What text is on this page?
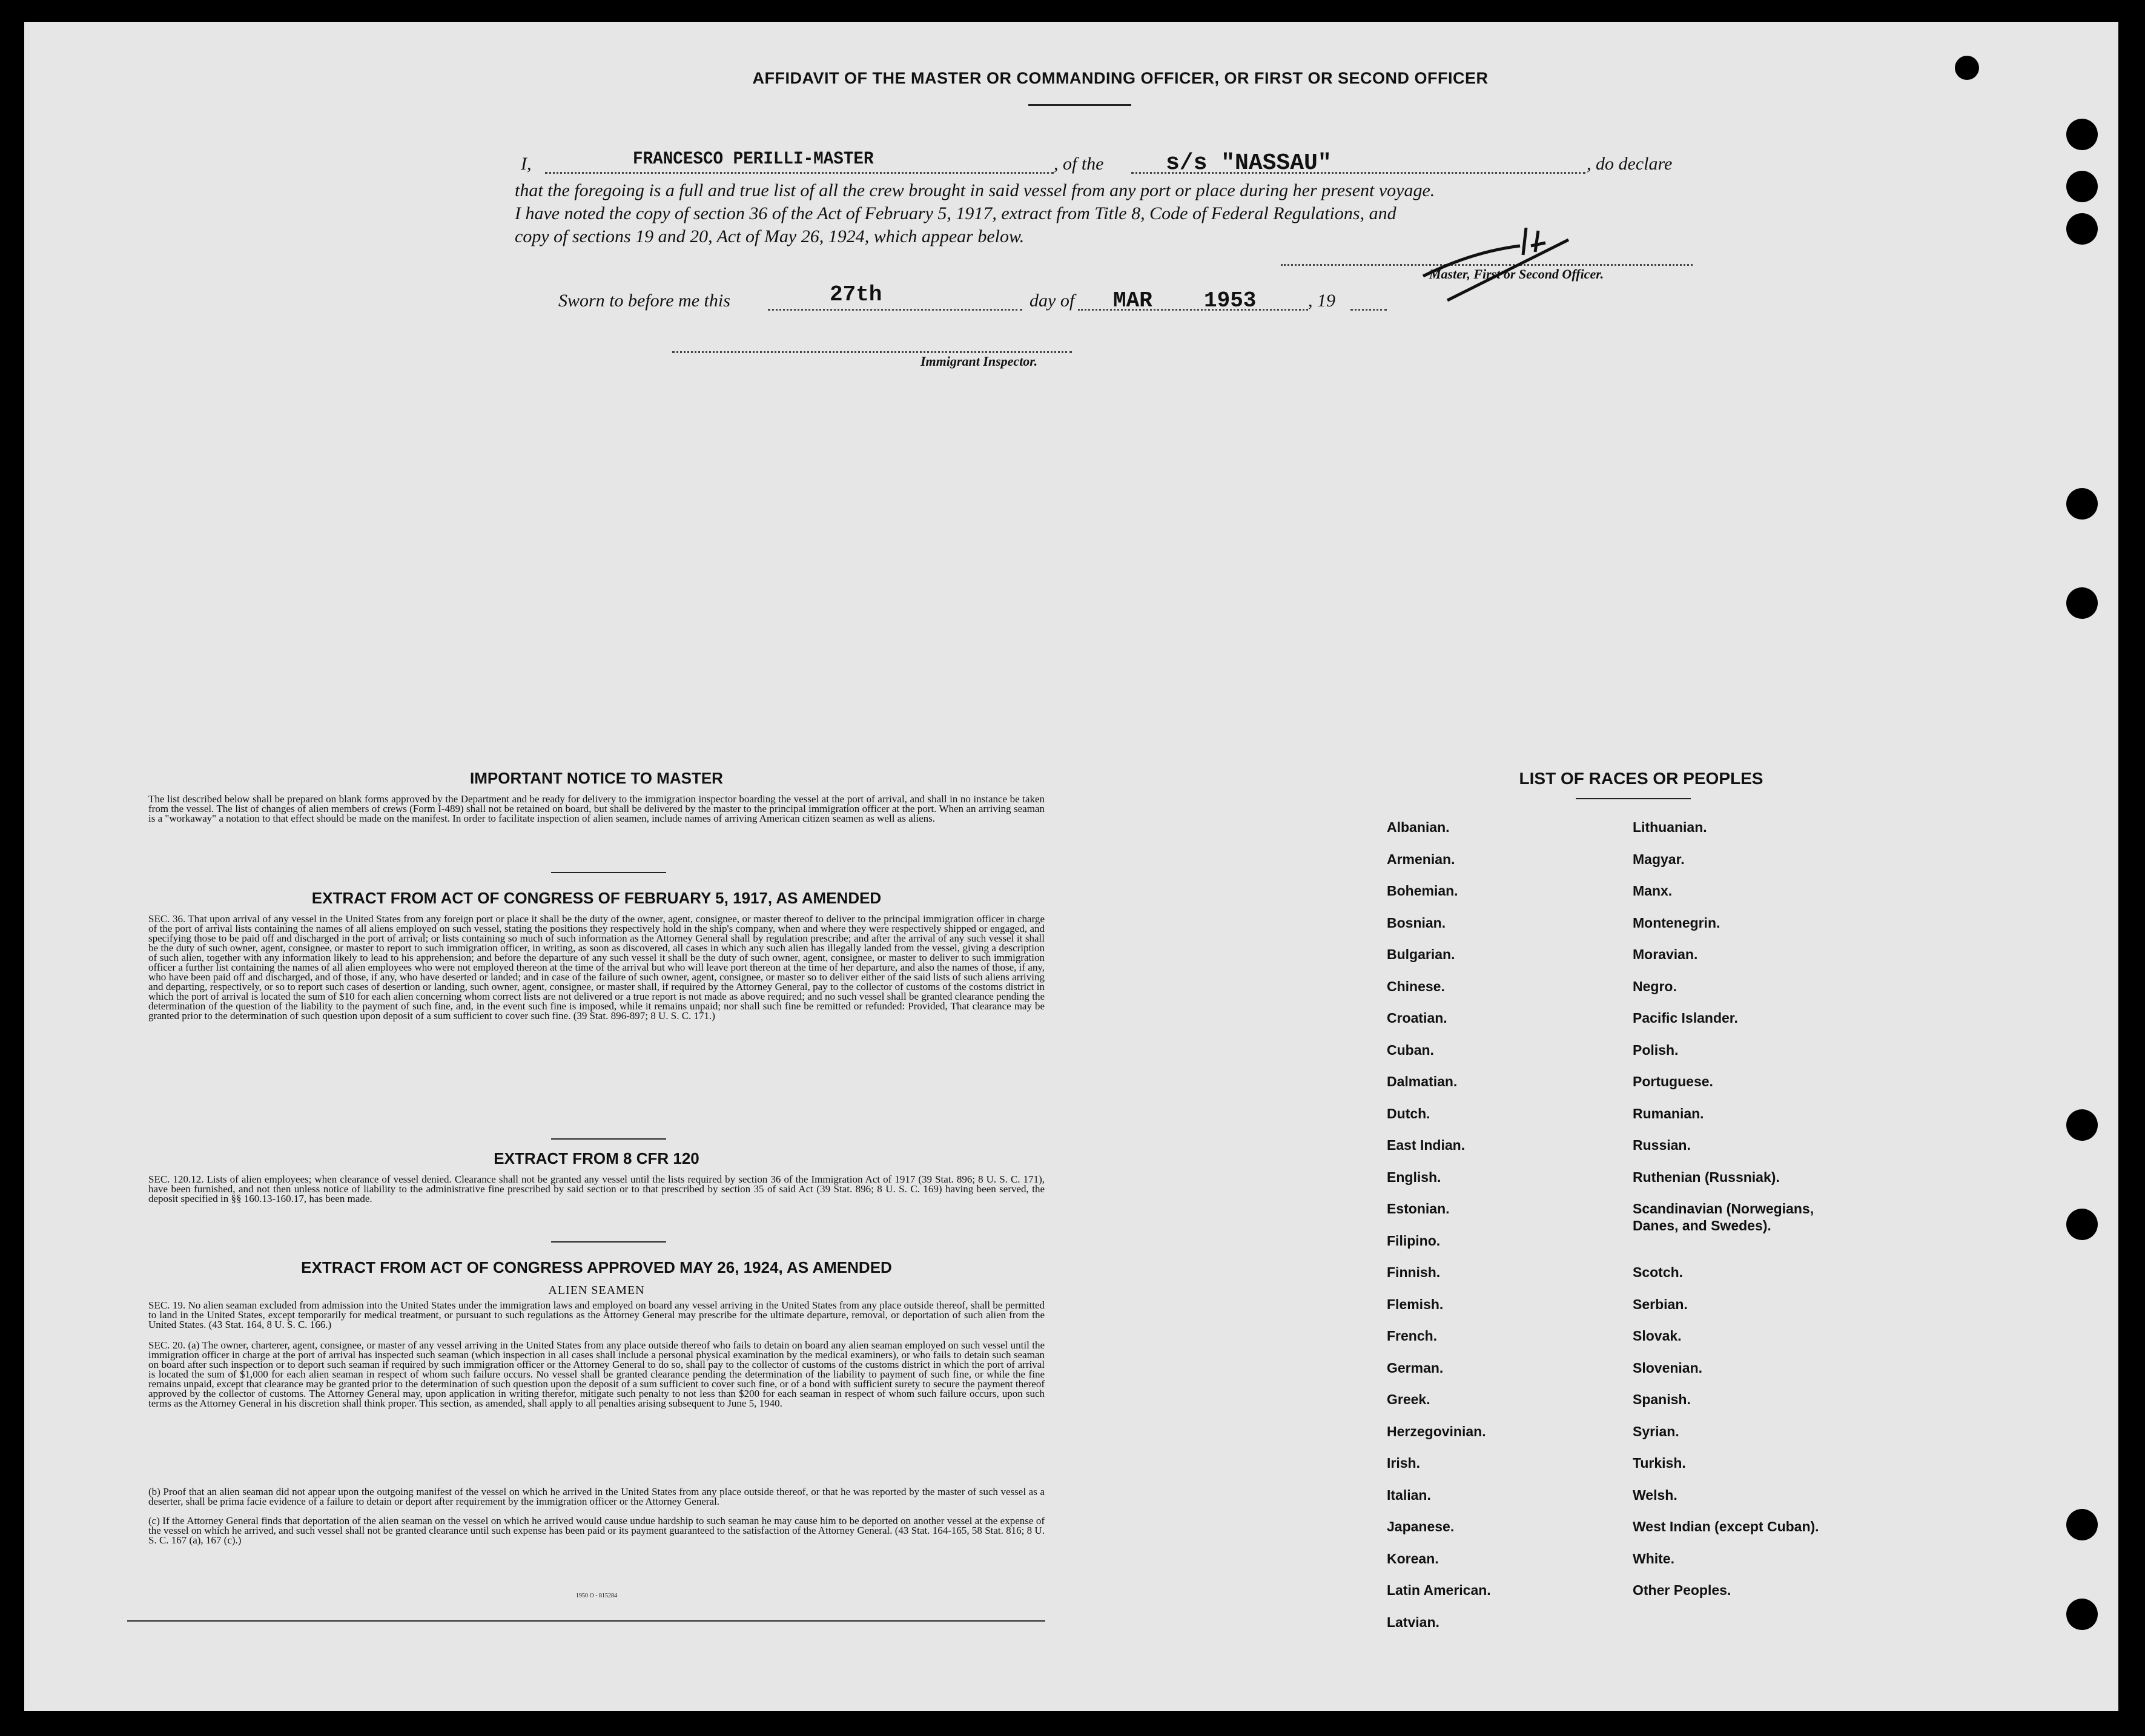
AFFIDAVIT OF THE MASTER OR COMMANDING OFFICER, OR FIRST OR SECOND OFFICER
I,	FRANCESCO PERILLI-MASTER	, of the	s/s "NASSAU"	, do declare
that the foregoing is a full and true list of all the crew brought in said vessel from any port or place during her present voyage.
I have noted the copy of section 36 of the Act of February 5, 1917, extract from Title 8, Code of Federal Regulations, and
copy of sections 19 and 20, Act of May 26, 1924, which appear below.
Master, First or Second Officer.
Sworn to before me this	27th	day of MAR 1953	, 19
Immigrant Inspector.
IMPORTANT NOTICE TO MASTER
The list described below shall be prepared on blank forms approved by the Department and be ready for delivery to the immigration inspector boarding the vessel at the port of arrival, and shall in no instance be taken from the vessel. The list of changes of alien members of crews (Form I-489) shall not be retained on board, but shall be delivered by the master to the principal immigration officer at the port. When an arriving seaman is a "workaway" a notation to that effect should be made on the manifest. In order to facilitate inspection of alien seamen, include names of arriving American citizen seamen as well as aliens.
EXTRACT FROM ACT OF CONGRESS OF FEBRUARY 5, 1917, AS AMENDED
SEC. 36. That upon arrival of any vessel in the United States from any foreign port or place it shall be the duty of the owner, agent, consignee, or master thereof to deliver to the principal immigration officer in charge of the port of arrival lists containing the names of all aliens employed on such vessel, stating the positions they respectively hold in the ship's company, when and where they were respectively shipped or engaged, and specifying those to be paid off and discharged in the port of arrival; or lists containing so much of such information as the Attorney General shall by regulation prescribe; and after the arrival of any such vessel it shall be the duty of such owner, agent, consignee, or master to report to such immigration officer, in writing, as soon as discovered, all cases in which any such alien has illegally landed from the vessel, giving a description of such alien, together with any information likely to lead to his apprehension; and before the departure of any such vessel it shall be the duty of such owner, agent, consignee, or master to deliver to such immigration officer a further list containing the names of all alien employees who were not employed thereon at the time of the arrival but who will leave port thereon at the time of her departure, and also the names of those, if any, who have been paid off and discharged, and of those, if any, who have deserted or landed; and in case of the failure of such owner, agent, consignee, or master so to deliver either of the said lists of such aliens arriving and departing, respectively, or so to report such cases of desertion or landing, such owner, agent, consignee, or master shall, if required by the Attorney General, pay to the collector of customs of the costoms district in which the port of arrival is located the sum of $10 for each alien concerning whom correct lists are not delivered or a true report is not made as above required; and no such vessel shall be granted clearance pending the determination of the question of the liability to the payment of such fine, and, in the event such fine is imposed, while it remains unpaid; nor shall such fine be remitted or refunded: Provided, That clearance may be granted prior to the determination of such question upon deposit of a sum sufficient to cover such fine. (39 Stat. 896-897; 8 U. S. C. 171.)
EXTRACT FROM 8 CFR 120
SEC. 120.12. Lists of alien employees; when clearance of vessel denied. Clearance shall not be granted any vessel until the lists required by section 36 of the Immigration Act of 1917 (39 Stat. 896; 8 U. S. C. 171), have been furnished, and not then unless notice of liability to the administrative fine prescribed by said section or to that prescribed by section 35 of said Act (39 Stat. 896; 8 U. S. C. 169) having been served, the deposit specified in §§ 160.13-160.17, has been made.
EXTRACT FROM ACT OF CONGRESS APPROVED MAY 26, 1924, AS AMENDED
ALIEN SEAMEN
SEC. 19. No alien seaman excluded from admission into the United States under the immigration laws and employed on board any vessel arriving in the United States from any place outside thereof, shall be permitted to land in the United States, except temporarily for medical treatment, or pursuant to such regulations as the Attorney General may prescribe for the ultimate departure, removal, or deportation of such alien from the United States. (43 Stat. 164, 8 U. S. C. 166.)
SEC. 20. (a) The owner, charterer, agent, consignee, or master of any vessel arriving in the United States from any place outside thereof who fails to detain on board any alien seaman employed on such vessel until the immigration officer in charge at the port of arrival has inspected such seaman (which inspection in all cases shall include a personal physical examination by the medical examiners), or who fails to detain such seaman on board after such inspection or to deport such seaman if required by such immigration officer or the Attorney General to do so, shall pay to the collector of customs of the customs district in which the port of arrival is located the sum of $1,000 for each alien seaman in respect of whom such failure occurs. No vessel shall be granted clearance pending the determination of the liability to payment of such fine, or while the fine remains unpaid, except that clearance may be granted prior to the determination of such question upon the deposit of a sum sufficient to cover such fine, or of a bond with sufficient surety to secure the payment thereof approved by the collector of customs. The Attorney General may, upon application in writing therefor, mitigate such penalty to not less than $200 for each seaman in respect of whom such failure occurs, upon such terms as the Attorney General in his discretion shall think proper. This section, as amended, shall apply to all penalties arising subsequent to June 5, 1940.
(b) Proof that an alien seaman did not appear upon the outgoing manifest of the vessel on which he arrived in the United States from any place outside thereof, or that he was reported by the master of such vessel as a deserter, shall be prima facie evidence of a failure to detain or deport after requirement by the immigration officer or the Attorney General.
(c) If the Attorney General finds that deportation of the alien seaman on the vessel on which he arrived would cause undue hardship to such seaman he may cause him to be deported on another vessel at the expense of the vessel on which he arrived, and such vessel shall not be granted clearance until such expense has been paid or its payment guaranteed to the satisfaction of the Attorney General. (43 Stat. 164-165, 58 Stat. 816; 8 U. S. C. 167 (a), 167 (c).)
1950 O - 815284
LIST OF RACES OR PEOPLES
Albanian.
Armenian.
Bohemian.
Bosnian.
Bulgarian.
Chinese.
Croatian.
Cuban.
Dalmatian.
Dutch.
East Indian.
English.
Estonian.
Filipino.
Finnish.
Flemish.
French.
German.
Greek.
Herzegovinian.
Irish.
Italian.
Japanese.
Korean.
Latin American.
Latvian.
Lithuanian.
Magyar.
Manx.
Montenegrin.
Moravian.
Negro.
Pacific Islander.
Polish.
Portuguese.
Rumanian.
Russian.
Ruthenian (Russniak).
Scandinavian (Norwegians,
Danes, and Swedes).
Scotch.
Serbian.
Slovak.
Slovenian.
Spanish.
Syrian.
Turkish.
Welsh.
West Indian (except Cuban).
White.
Other Peoples.
